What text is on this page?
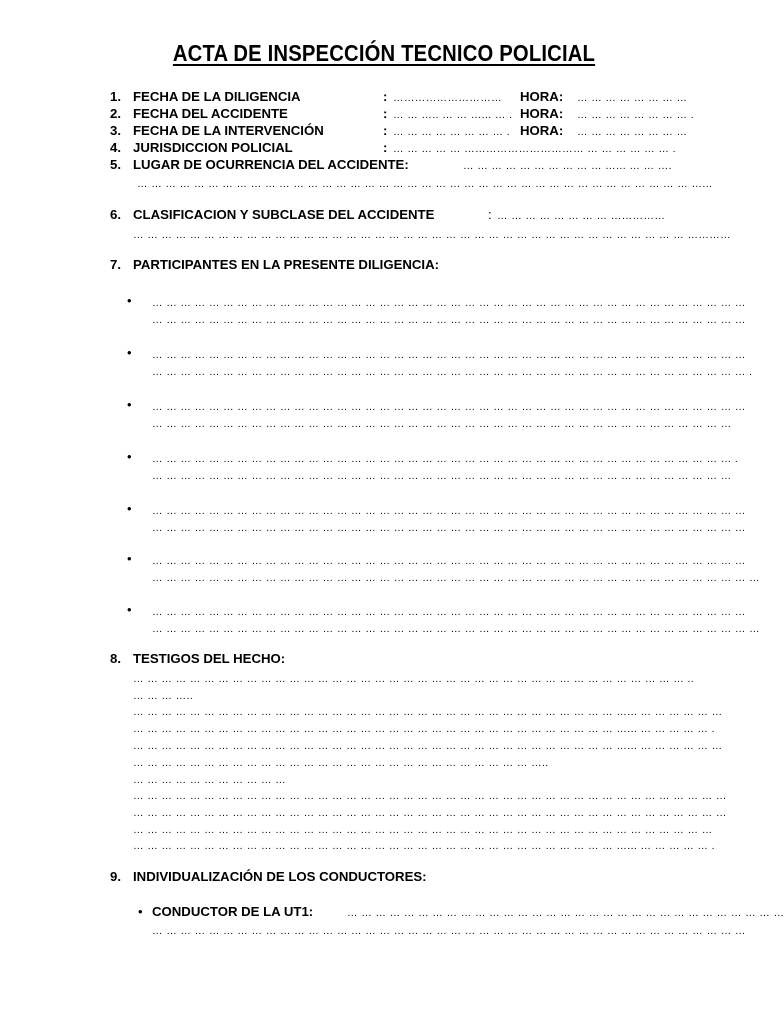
ACTA DE INSPECCIÓN TECNICO POLICIAL
1. FECHA DE LA DILIGENCIA	: ………………………… HORA: … … … … … … … …
2. FECHA DEL ACCIDENTE	: … … ….. … … …... … . HORA: … … … … … … … … .
3. FECHA DE LA INTERVENCIÓN	: … … … … … … … … . HORA: … … … … … … … …
4. JURISDICCION POLICIAL	: … … … … … …………………………… … … … … … … .
5. LUGAR DE OCURRENCIA DEL ACCIDENTE:	… … … … … … … … … … …... … … ….
… … … … … … … … … … … … … … … … … … … … … … … … … … … … … … … … … … … … … … … …...
6. CLASIFICACION Y SUBCLASE DEL ACCIDENTE	: … … … … … … … … ……………
… … … … … … … … … … … … … … … … … … … … … … … … … … … … … … … … … … … … … … … …………
7. PARTICIPANTES EN LA PRESENTE DILIGENCIA:
• … … … … … … … … … … … … … … … … … … … … … … … … … … … … … … … … … … … … … … … … … …
… … … … … … … … … … … … … … … … … … … … … … … … … … … … … … … … … … … … … … … … … …
• … … … … … … … … … … … … … … … … … … … … … … … … … … … … … … … … … … … … … … … … … …
… … … … … … … … … … … … … … … … … … … … … … … … … … … … … … … … … … … … … … … … … … .
• … … … … … … … … … … … … … … … … … … … … … … … … … … … … … … … … … … … … … … … … … …
… … … … … … … … … … … … … … … … … … … … … … … … … … … … … … … … … … … … … … … … …
• … … … … … … … … … … … … … … … … … … … … … … … … … … … … … … … … … … … … … … … … … .
… … … … … … … … … … … … … … … … … … … … … … … … … … … … … … … … … … … … … … … … …
• … … … … … … … … … … … … … … … … … … … … … … … … … … … … … … … … … … … … … … … … … …
… … … … … … … … … … … … … … … … … … … … … … … … … … … … … … … … … … … … … … … … … …
• … … … … … … … … … … … … … … … … … … … … … … … … … … … … … … … … … … … … … … … … … …
… … … … … … … … … … … … … … … … … … … … … … … … … … … … … … … … … … … … … … … … … … …
• … … … … … … … … … … … … … … … … … … … … … … … … … … … … … … … … … … … … … … … … … …
… … … … … … … … … … … … … … … … … … … … … … … … … … … … … … … … … … … … … … … … … … …
8. TESTIGOS DEL HECHO:
… … … … … … … … … … … … … … … … … … … … … … … … … … … … … … … … … … … … … … … ..
… … … …..
… … … … … … … … … … … … … … … … … … … … … … … … … … … … … … … … … … …... … … … … … …
… … … … … … … … … … … … … … … … … … … … … … … … … … … … … … … … … … …... … … … … … .
… … … … … … … … … … … … … … … … … … … … … … … … … … … … … … … … … … …... … … … … … …
… … … … … … … … … … … … … … … … … … … … … … … … … … … … …..
… … … … … … … … … … …
… … … … … … … … … … … … … … … … … … … … … … … … … … … … … … … … … … … … … … … … … …
… … … … … … … … … … … … … … … … … … … … … … … … … … … … … … … … … … … … … … … … … …
… … … … … … … … … … … … … … … … … … … … … … … … … … … … … … … … … … … … … … … … …
… … … … … … … … … … … … … … … … … … … … … … … … … … … … … … … … … … …... … … … … … .
9. INDIVIDUALIZACIÓN DE LOS CONDUCTORES:
• CONDUCTOR DE LA UT1:	… … … … … … … … … … … … … … … … … … … … … … … … … … … … … … …
… … … … … … … … … … … … … … … … … … … … … … … … … … … … … … … … … … … … … … … … … …
